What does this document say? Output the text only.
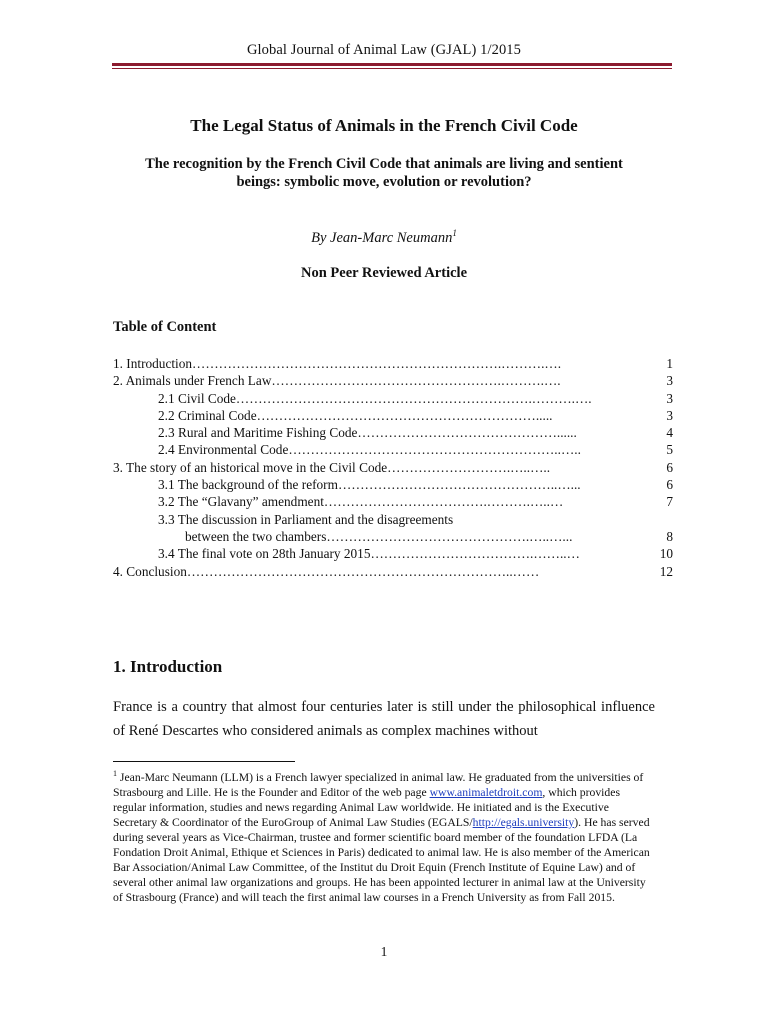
Global Journal of Animal Law (GJAL) 1/2015
The Legal Status of Animals in the French Civil Code
The recognition by the French Civil Code that animals are living and sentient beings: symbolic move, evolution or revolution?
By Jean-Marc Neumann$^1$
Non Peer Reviewed Article
Table of Content
1. Introduction…………………………………………………………….……….….	1
2. Animals under French Law…………………………………………….……….….	3
2.1 Civil Code………………………………………………………….……….….	3
2.2 Criminal Code……………………………………………………….....	3
2.3 Rural and Maritime Fishing Code………………………………………......	4
2.4 Environmental Code……………………………………………………..…..	5
3. The story of an historical move in the Civil Code……………………….…..…..	6
3.1 The background of the reform…………………………………………..…...	6
3.2 The “Glavany” amendment……………………………….……….…..…	7
3.3 The discussion in Parliament and the disagreements
between the two chambers……………………………………….…..…...	8
3.4 The final vote on 28th January 2015……………………………….……..…	10
4. Conclusion………………………………………………………………..……	12
1. Introduction
France is a country that almost four centuries later is still under the philosophical influence of René Descartes who considered animals as complex machines without
$^1$ Jean-Marc Neumann (LLM) is a French lawyer specialized in animal law. He graduated from the universities of Strasbourg and Lille. He is the Founder and Editor of the web page www.animaletdroit.com, which provides regular information, studies and news regarding Animal Law worldwide. He initiated and is the Executive Secretary & Coordinator of the EuroGroup of Animal Law Studies (EGALS/http://egals.university). He has served during several years as Vice-Chairman, trustee and former scientific board member of the foundation LFDA (La Fondation Droit Animal, Ethique et Sciences in Paris) dedicated to animal law. He is also member of the American Bar Association/Animal Law Committee, of the Institut du Droit Equin (French Institute of Equine Law) and of several other animal law organizations and groups. He has been appointed lecturer in animal law at the University of Strasbourg (France) and will teach the first animal law courses in a French University as from Fall 2015.
1
